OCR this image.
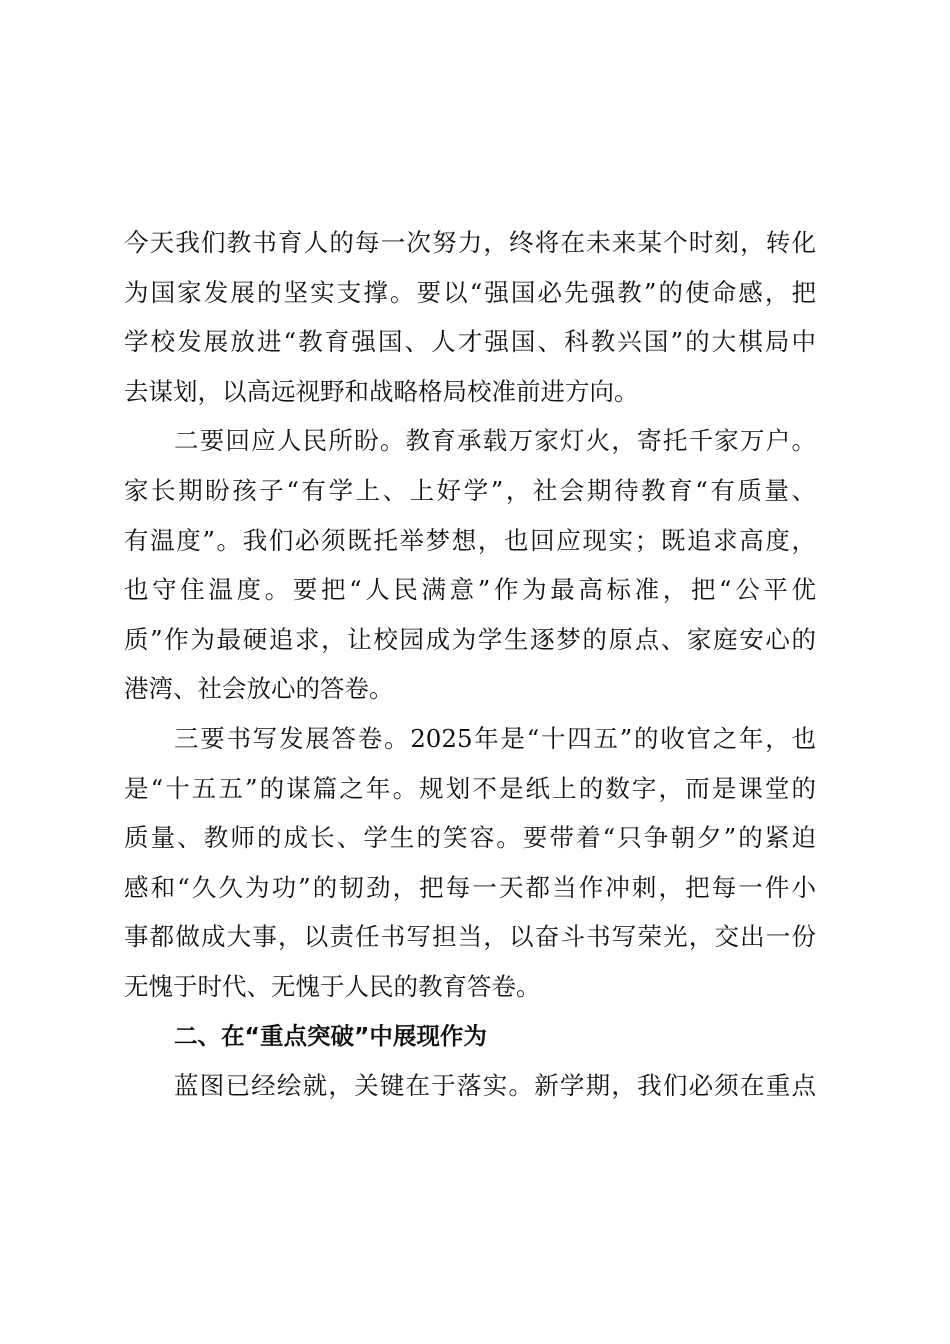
今天我们教书育人的每一次努力，终将在未来某个时刻，转化
为国家发展的坚实支撑。要以“强国必先强教”的使命感，把
学校发展放进“教育强国、人才强国、科教兴国”的大棋局中
去谋划，以高远视野和战略格局校准前进方向。
二要回应人民所盼。教育承载万家灯火，寄托千家万户。
家长期盼孩子“有学上、上好学”，社会期待教育“有质量、
有温度”。我们必须既托举梦想，也回应现实；既追求高度，
也守住温度。要把“人民满意”作为最高标准，把“公平优
质”作为最硬追求，让校园成为学生逐梦的原点、家庭安心的
港湾、社会放心的答卷。
三要书写发展答卷。2025年是“十四五”的收官之年，也
是“十五五”的谋篇之年。规划不是纸上的数字，而是课堂的
质量、教师的成长、学生的笑容。要带着“只争朝夕”的紧迫
感和“久久为功”的韧劲，把每一天都当作冲刺，把每一件小
事都做成大事，以责任书写担当，以奋斗书写荣光，交出一份
无愧于时代、无愧于人民的教育答卷。
二、在“重点突破”中展现作为
蓝图已经绘就，关键在于落实。新学期，我们必须在重点
